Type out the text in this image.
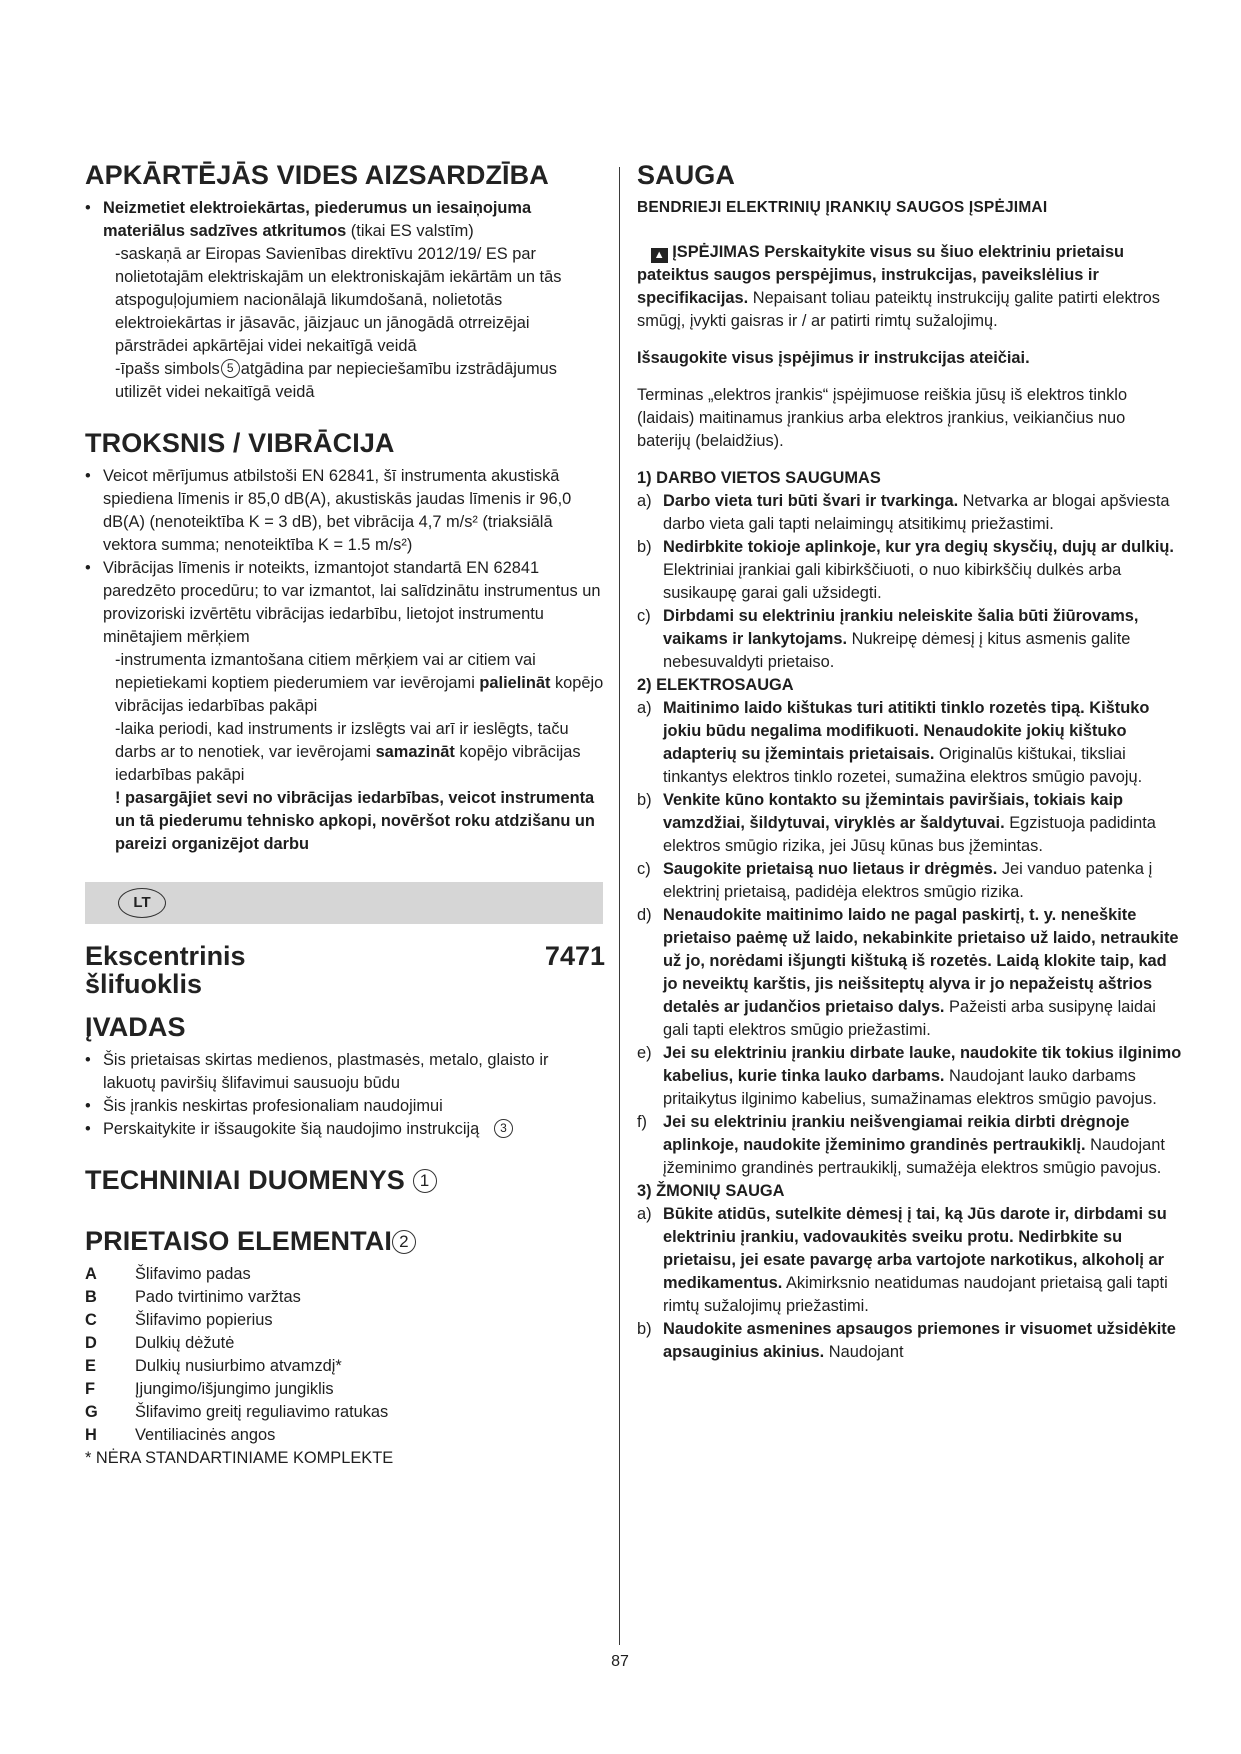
APKĀRTĒJĀS VIDES AIZSARDZĪBA
• Neizmetiet elektroiekārtas, piederumus un iesaiņojuma materiālus sadzīves atkritumos (tikai ES valstīm)
-saskaņā ar Eiropas Savienības direktīvu 2012/19/ ES par nolietotajām elektriskajām un elektroniskajām iekārtām un tās atspoguļojumiem nacionālajā likumdošanā, nolietotās elektroiekārtas ir jāsavāc, jāizjauc un jānogādā otrreizējai pārstrādei apkārtējai videi nekaitīgā veidā
-īpašs simbols 5 atgādina par nepieciešamību izstrādājumus utilizēt videi nekaitīgā veidā
TROKSNIS / VIBRĀCIJA
• Veicot mērījumus atbilstoši EN 62841, šī instrumenta akustiskā spiediena līmenis ir 85,0 dB(A), akustiskās jaudas līmenis ir 96,0 dB(A) (nenoteiktība K = 3 dB), bet vibrācija 4,7 m/s² (triaksiālā vektora summa; nenoteiktība K = 1.5 m/s²)
• Vibrācijas līmenis ir noteikts, izmantojot standartā EN 62841 paredzēto procedūru; to var izmantot, lai salīdzinātu instrumentus un provizoriski izvērtētu vibrācijas iedarbību, lietojot instrumentu minētajiem mērķiem
-instrumenta izmantošana citiem mērķiem vai ar citiem vai nepietiekami koptiem piederumiem var ievērojami palielināt kopējo vibrācijas iedarbības pakāpi
-laika periodi, kad instruments ir izslēgts vai arī ir ieslēgts, taču darbs ar to nenotiek, var ievērojami samazināt kopējo vibrācijas iedarbības pakāpi
! pasargājiet sevi no vibrācijas iedarbības, veicot instrumenta un tā piederumu tehnisko apkopi, novēršot roku atdzišanu un pareizi organizējot darbu
LT
Ekscentrinis šlifuoklis
7471
ĮVADAS
• Šis prietaisas skirtas medienos, plastmasės, metalo, glaisto ir lakuotų paviršių šlifavimui sausuoju būdu
• Šis įrankis neskirtas profesionaliam naudojimui
• Perskaitykite ir išsaugokite šią naudojimo instrukciją 3
TECHNINIAI DUOMENYS 1
PRIETAISO ELEMENTAI 2
A	Šlifavimo padas
B	Pado tvirtinimo varžtas
C	Šlifavimo popierius
D	Dulkių dėžutė
E	Dulkių nusiurbimo atvamzdį*
F	Įjungimo/išjungimo jungiklis
G	Šlifavimo greitį reguliavimo ratukas
H	Ventiliacinės angos
* NĖRA STANDARTINIAME KOMPLEKTE
SAUGA
BENDRIEJI ELEKTRINIŲ ĮRANKIŲ SAUGOS ĮSPĖJIMAI
▲ ĮSPĖJIMAS Perskaitykite visus su šiuo elektriniu prietaisu pateiktus saugos perspėjimus, instrukcijas, paveikslėlius ir specifikacijas. Nepaisant toliau pateiktų instrukcijų galite patirti elektros smūgį, įvykti gaisras ir / ar patirti rimtų sužalojimų.
Išsaugokite visus įspėjimus ir instrukcijas ateičiai.
Terminas „elektros įrankis“ įspėjimuose reiškia jūsų iš elektros tinklo (laidais) maitinamus įrankius arba elektros įrankius, veikiančius nuo baterijų (belaidžius).
1) DARBO VIETOS SAUGUMAS
a) Darbo vieta turi būti švari ir tvarkinga. Netvarka ar blogai apšviesta darbo vieta gali tapti nelaimingų atsitikimų priežastimi.
b) Nedirbkite tokioje aplinkoje, kur yra degių skysčių, dujų ar dulkių. Elektriniai įrankiai gali kibirkščiuoti, o nuo kibirkščių dulkės arba susikaupę garai gali užsidegti.
c) Dirbdami su elektriniu įrankiu neleiskite šalia būti žiūrovams, vaikams ir lankytojams. Nukreipę dėmesį į kitus asmenis galite nebesuvaldyti prietaiso.
2) ELEKTROSAUGA
a) Maitinimo laido kištukas turi atitikti tinklo rozetės tipą. Kištuko jokiu būdu negalima modifikuoti. Nenaudokite jokių kištuko adapterių su įžemintais prietaisais. Originalūs kištukai, tiksliai tinkantys elektros tinklo rozetei, sumažina elektros smūgio pavojų.
b) Venkite kūno kontakto su įžemintais paviršiais, tokiais kaip vamzdžiai, šildytuvai, viryklės ar šaldytuvai. Egzistuoja padidinta elektros smūgio rizika, jei Jūsų kūnas bus įžemintas.
c) Saugokite prietaisą nuo lietaus ir drėgmės. Jei vanduo patenka į elektrinį prietaisą, padidėja elektros smūgio rizika.
d) Nenaudokite maitinimo laido ne pagal paskirtį, t. y. neneškite prietaiso paėmę už laido, nekabinkite prietaiso už laido, netraukite už jo, norėdami išjungti kištuką iš rozetės. Laidą klokite taip, kad jo neveiktų karštis, jis neišsiteptų alyva ir jo nepažeistų aštrios detalės ar judančios prietaiso dalys. Pažeisti arba susipynę laidai gali tapti elektros smūgio priežastimi.
e) Jei su elektriniu įrankiu dirbate lauke, naudokite tik tokius ilginimo kabelius, kurie tinka lauko darbams. Naudojant lauko darbams pritaikytus ilginimo kabelius, sumažinamas elektros smūgio pavojus.
f) Jei su elektriniu įrankiu neišvengiamai reikia dirbti drėgnoje aplinkoje, naudokite įžeminimo grandinės pertraukiklį. Naudojant įžeminimo grandinės pertraukiklį, sumažėja elektros smūgio pavojus.
3) ŽMONIŲ SAUGA
a) Būkite atidūs, sutelkite dėmesį į tai, ką Jūs darote ir, dirbdami su elektriniu įrankiu, vadovaukitės sveiku protu. Nedirbkite su prietaisu, jei esate pavargę arba vartojote narkotikus, alkoholį ar medikamentus. Akimirksnio neatidumas naudojant prietaisą gali tapti rimtų sužalojimų priežastimi.
b) Naudokite asmenines apsaugos priemones ir visuomet užsidėkite apsauginius akinius. Naudojant
87
